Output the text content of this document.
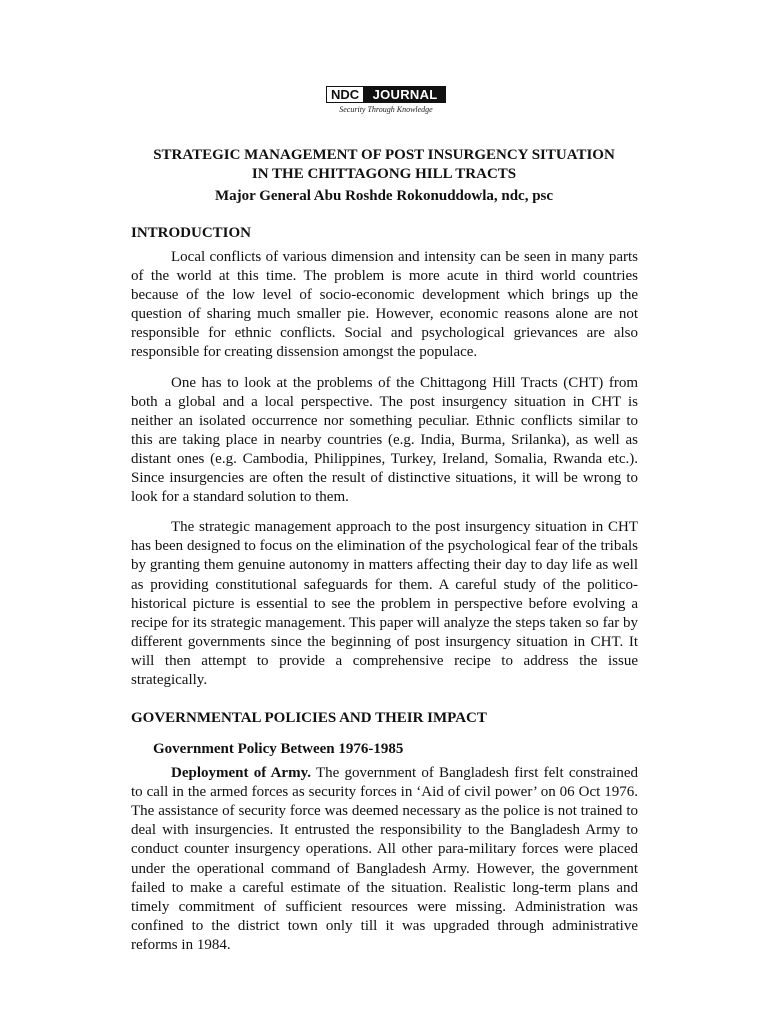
NDC	JOURNAL
Security Through Knowledge
STRATEGIC MANAGEMENT OF POST INSURGENCY SITUATION
IN THE CHITTAGONG HILL TRACTS
Major General Abu Roshde Rokonuddowla, ndc, psc
INTRODUCTION

Local conflicts of various dimension and intensity can be seen in many parts of the world at this time. The problem is more acute in third world countries because of the low level of socio-economic development which brings up the question of sharing much smaller pie. However, economic reasons alone are not responsible for ethnic conflicts. Social and psychological grievances are also responsible for creating dissension amongst the populace.

One has to look at the problems of the Chittagong Hill Tracts (CHT) from both a global and a local perspective. The post insurgency situation in CHT is neither an isolated occurrence nor something peculiar. Ethnic conflicts similar to this are taking place in nearby countries (e.g. India, Burma, Srilanka), as well as distant ones (e.g. Cambodia, Philippines, Turkey, Ireland, Somalia, Rwanda etc.). Since insurgencies are often the result of distinctive situations, it will be wrong to look for a standard solution to them.

The strategic management approach to the post insurgency situation in CHT has been designed to focus on the elimination of the psychological fear of the tribals by granting them genuine autonomy in matters affecting their day to day life as well as providing constitutional safeguards for them. A careful study of the politico-historical picture is essential to see the problem in perspective before evolving a recipe for its strategic management. This paper will analyze the steps taken so far by different governments since the beginning of post insurgency situation in CHT. It will then attempt to provide a comprehensive recipe to address the issue strategically.

GOVERNMENTAL POLICIES AND THEIR IMPACT
Government Policy Between 1976-1985

Deployment of Army. The government of Bangladesh first felt constrained to call in the armed forces as security forces in ‘Aid of civil power’ on 06 Oct 1976. The assistance of security force was deemed necessary as the police is not trained to deal with insurgencies. It entrusted the responsibility to the Bangladesh Army to conduct counter insurgency operations. All other para-military forces were placed under the operational command of Bangladesh Army. However, the government failed to make a careful estimate of the situation. Realistic long-term plans and timely commitment of sufficient resources were missing. Administration was confined to the district town only till it was upgraded through administrative reforms in 1984.
